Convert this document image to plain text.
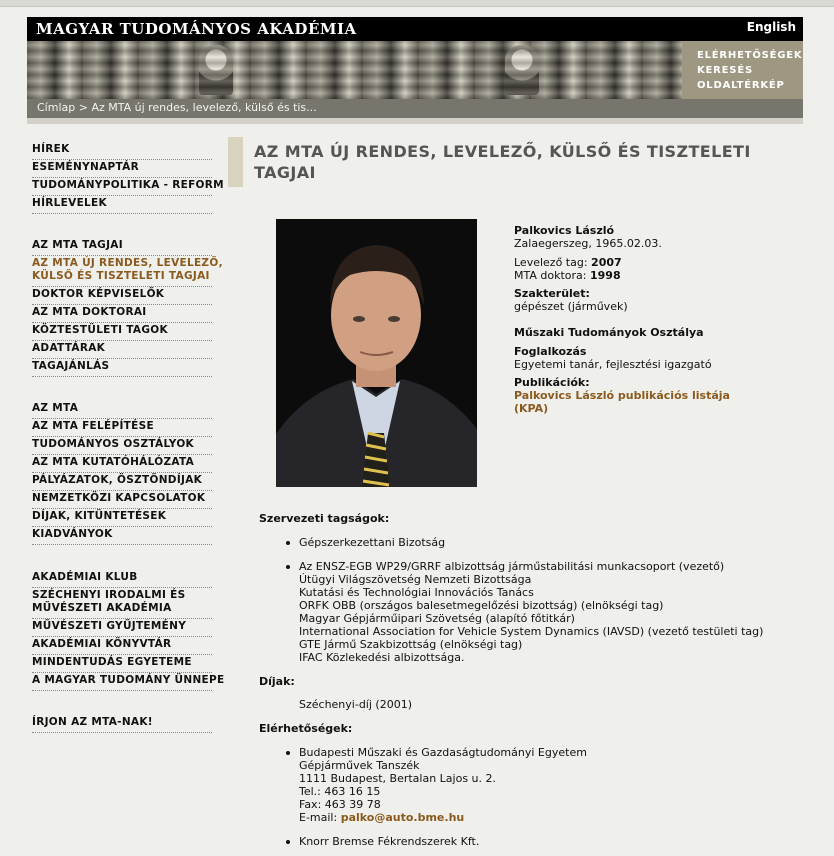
MAGYAR TUDOMÁNYOS AKADÉMIA	English
ELÉRHETŐSÉGEK
KERESÉS
OLDALTÉRKÉP
Címlap > Az MTA új rendes, levelező, külső és tis...
HÍREK
ESEMÉNYNAPTÁR
TUDOMÁNYPOLITIKA - REFORM
HÍRLEVELEK
AZ MTA TAGJAI
AZ MTA ÚJ RENDES, LEVELEZŐ,
KÜLSŐ ÉS TISZTELETI TAGJAI
DOKTOR KÉPVISELŐK
AZ MTA DOKTORAI
KÖZTESTÜLETI TAGOK
ADATTÁRAK
TAGAJÁNLÁS
AZ MTA
AZ MTA FELÉPÍTÉSE
TUDOMÁNYOS OSZTÁLYOK
AZ MTA KUTATÓHÁLÓZATA
PÁLYÁZATOK, ÖSZTÖNDÍJAK
NEMZETKÖZI KAPCSOLATOK
DÍJAK, KITÜNTETÉSEK
KIADVÁNYOK
AKADÉMIAI KLUB
SZÉCHENYI IRODALMI ÉS
MŰVÉSZETI AKADÉMIA
MŰVÉSZETI GYŰJTEMÉNY
AKADÉMIAI KÖNYVTÁR
MINDENTUDÁS EGYETEME
A MAGYAR TUDOMÁNY ÜNNEPE
ÍRJON AZ MTA-NAK!
AZ MTA ÚJ RENDES, LEVELEZŐ, KÜLSŐ ÉS TISZTELETI
TAGJAI
Palkovics László
Zalaegerszeg, 1965.02.03.
Levelező tag: 2007
MTA doktora: 1998
Szakterület:
gépészet (járművek)
Műszaki Tudományok Osztálya
Foglalkozás
Egyetemi tanár, fejlesztési igazgató
Publikációk:
Palkovics László publikációs listája
(KPA)
Szervezeti tagságok:
Gépszerkezettani Bizotság
Az ENSZ-EGB WP29/GRRF albizottság járműstabilitási munkacsoport (vezető)
Útügyi Világszövetség Nemzeti Bizottsága
Kutatási és Technológiai Innovációs Tanács
ORFK OBB (országos balesetmegelőzési bizottság) (elnökségi tag)
Magyar Gépjárműipari Szövetség (alapító főtitkár)
International Association for Vehicle System Dynamics (IAVSD) (vezető testületi tag)
GTE Jármű Szakbizottság (elnökségi tag)
IFAC Közlekedési albizottsága.
Díjak:
Széchenyi-díj (2001)
Elérhetőségek:
Budapesti Műszaki és Gazdaságtudományi Egyetem
Gépjárművek Tanszék
1111 Budapest, Bertalan Lajos u. 2.
Tel.: 463 16 15
Fax: 463 39 78
E-mail: palko@auto.bme.hu
Knorr Bremse Fékrendszerek Kft.
